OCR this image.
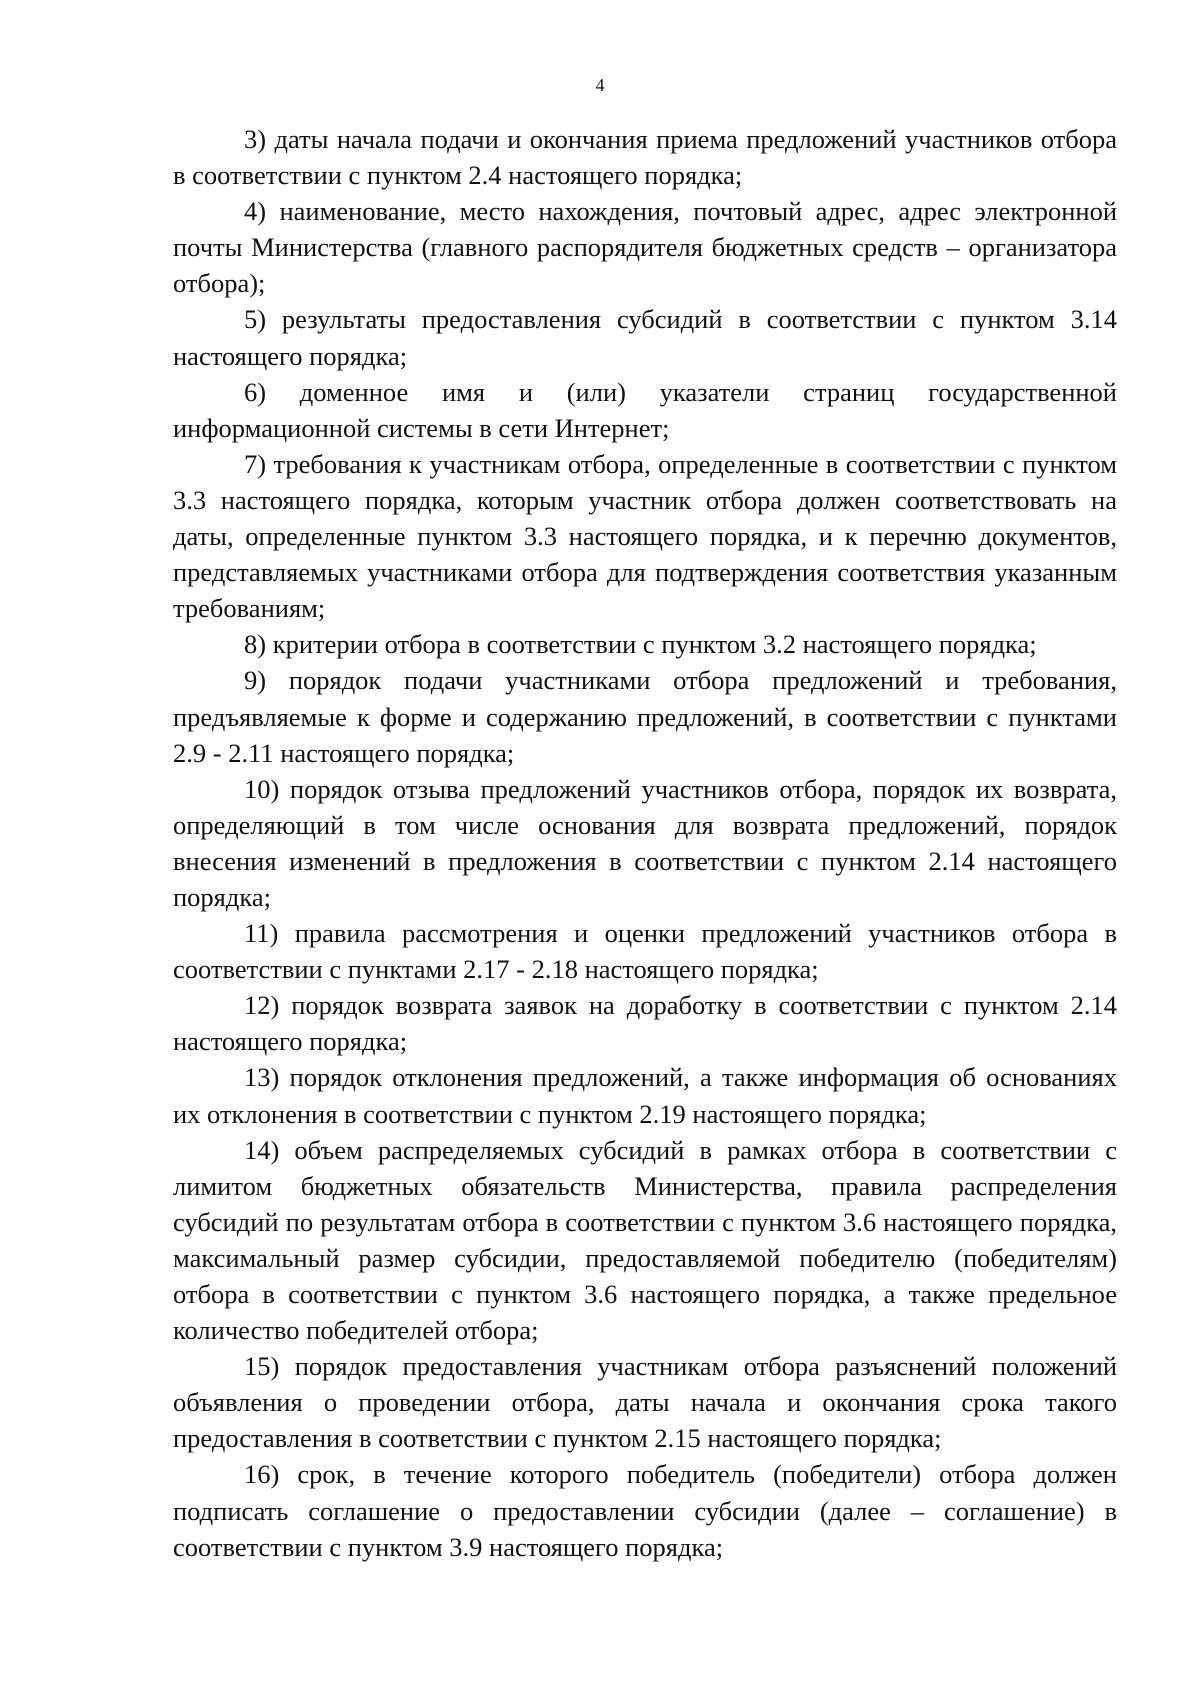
4

3) даты начала подачи и окончания приема предложений участников отбора в соответствии с пунктом 2.4 настоящего порядка;

4) наименование, место нахождения, почтовый адрес, адрес электронной почты Министерства (главного распорядителя бюджетных средств – организатора отбора);

5) результаты предоставления субсидий в соответствии с пунктом 3.14 настоящего порядка;

6) доменное имя и (или) указатели страниц государственной информационной системы в сети Интернет;

7) требования к участникам отбора, определенные в соответствии с пунктом 3.3 настоящего порядка, которым участник отбора должен соответствовать на даты, определенные пунктом 3.3 настоящего порядка, и к перечню документов, представляемых участниками отбора для подтверждения соответствия указанным требованиям;

8) критерии отбора в соответствии с пунктом 3.2 настоящего порядка;

9) порядок подачи участниками отбора предложений и требования, предъявляемые к форме и содержанию предложений, в соответствии с пунктами 2.9 - 2.11 настоящего порядка;

10) порядок отзыва предложений участников отбора, порядок их возврата, определяющий в том числе основания для возврата предложений, порядок внесения изменений в предложения в соответствии с пунктом 2.14 настоящего порядка;

11) правила рассмотрения и оценки предложений участников отбора в соответствии с пунктами 2.17 - 2.18 настоящего порядка;

12) порядок возврата заявок на доработку в соответствии с пунктом 2.14 настоящего порядка;

13) порядок отклонения предложений, а также информация об основаниях их отклонения в соответствии с пунктом 2.19 настоящего порядка;

14) объем распределяемых субсидий в рамках отбора в соответствии с лимитом бюджетных обязательств Министерства, правила распределения субсидий по результатам отбора в соответствии с пунктом 3.6 настоящего порядка, максимальный размер субсидии, предоставляемой победителю (победителям) отбора в соответствии с пунктом 3.6 настоящего порядка, а также предельное количество победителей отбора;

15) порядок предоставления участникам отбора разъяснений положений объявления о проведении отбора, даты начала и окончания срока такого предоставления в соответствии с пунктом 2.15 настоящего порядка;

16) срок, в течение которого победитель (победители) отбора должен подписать соглашение о предоставлении субсидии (далее – соглашение) в соответствии с пунктом 3.9 настоящего порядка;
